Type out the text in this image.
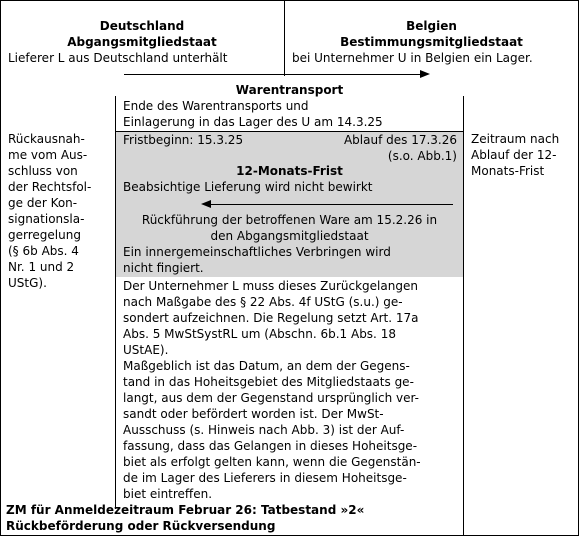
Deutschland
Abgangsmitgliedstaat
Lieferer L aus Deutschland unterhält
Belgien
Bestimmungsmitgliedstaat
bei Unternehmer U in Belgien ein Lager.
Warentransport
Ende des Warentransports und
Einlagerung in das Lager des U am 14.3.25
Fristbeginn: 15.3.25	Ablauf des 17.3.26
(s.o. Abb.1)
12-Monats-Frist
Beabsichtige Lieferung wird nicht bewirkt
Rückführung der betroffenen Ware am 15.2.26 in
den Abgangsmitgliedstaat
Ein innergemeinschaftliches Verbringen wird
nicht fingiert.
Rückausnah-
me vom Aus-
schluss von
der Rechtsfol-
ge der Kon-
signationsla-
gerregelung
(§ 6b Abs. 4
Nr. 1 und 2
UStG).
Zeitraum nach
Ablauf der 12-
Monats-Frist
Der Unternehmer L muss dieses Zurückgelangen
nach Maßgabe des § 22 Abs. 4f UStG (s.u.) ge-
sondert aufzeichnen. Die Regelung setzt Art. 17a
Abs. 5 MwStSystRL um (Abschn. 6b.1 Abs. 18
UStAE).
Maßgeblich ist das Datum, an dem der Gegens-
tand in das Hoheitsgebiet des Mitgliedstaats ge-
langt, aus dem der Gegenstand ursprünglich ver-
sandt oder befördert worden ist. Der MwSt-
Ausschuss (s. Hinweis nach Abb. 3) ist der Auf-
fassung, dass das Gelangen in dieses Hoheitsge-
biet als erfolgt gelten kann, wenn die Gegenstän-
de im Lager des Lieferers in diesem Hoheitsge-
biet eintreffen.
ZM für Anmeldezeitraum Februar 26: Tatbestand »2«
Rückbeförderung oder Rückversendung
